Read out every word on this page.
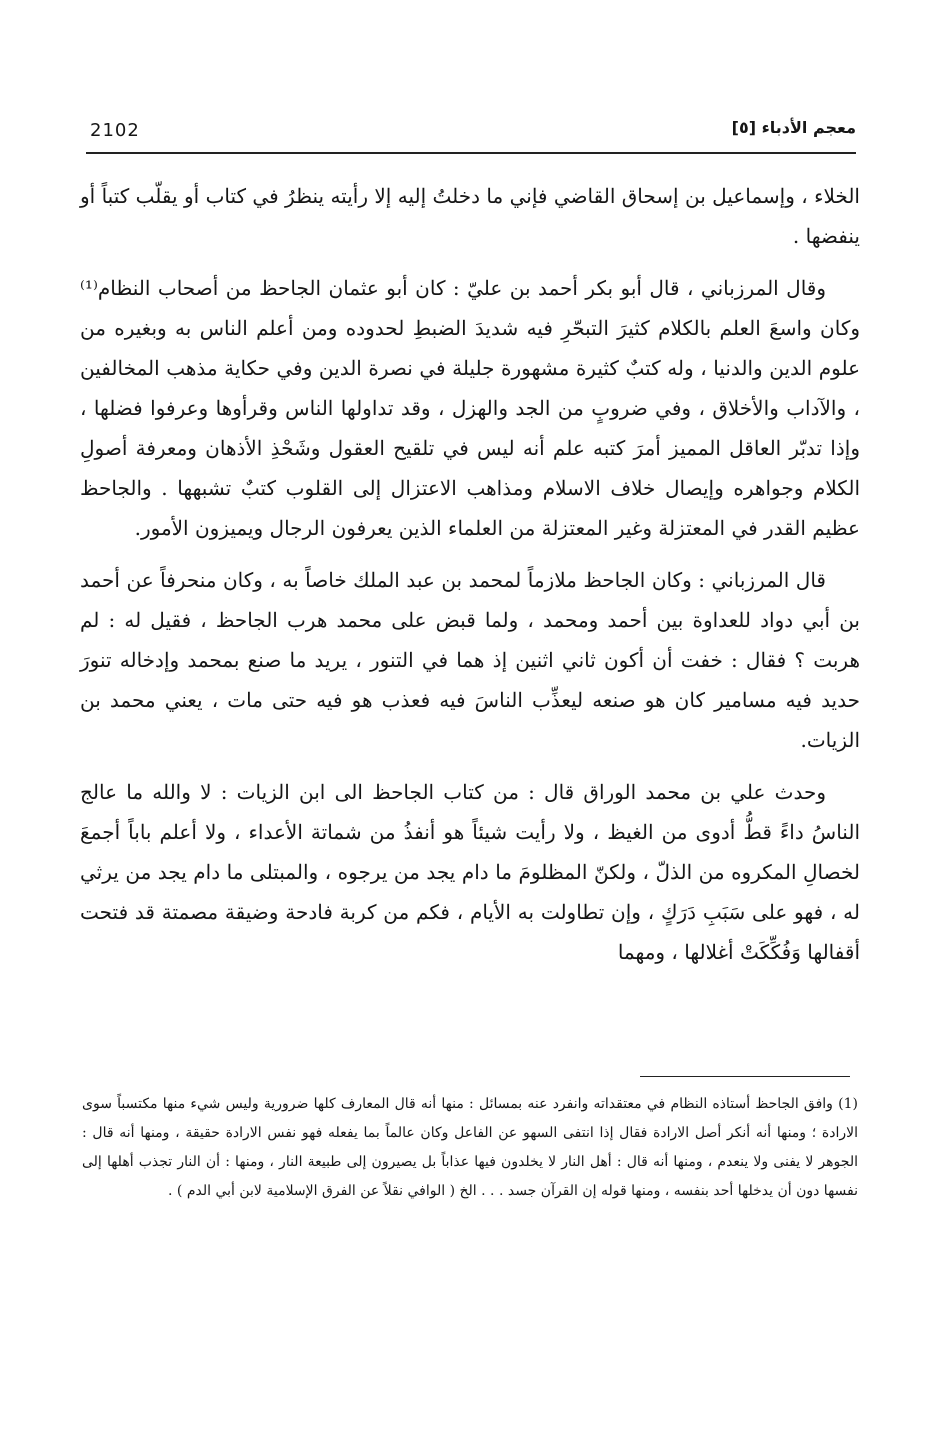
2102	معجم الأدباء [٥]

الخلاء ، وإسماعيل بن إسحاق القاضي فإني ما دخلتُ إليه إلا رأيته ينظرُ في كتاب أو يقلّب كتباً أو ينفضها .

وقال المرزباني ، قال أبو بكر أحمد بن عليّ : كان أبو عثمان الجاحظ من أصحاب النظام⁽¹⁾ وكان واسعَ العلم بالكلام كثيرَ التبحّرِ فيه شديدَ الضبطِ لحدوده ومن أعلم الناس به وبغيره من علوم الدين والدنيا ، وله كتبٌ كثيرة مشهورة جليلة في نصرة الدين وفي حكاية مذهب المخالفين ، والآداب والأخلاق ، وفي ضروبٍ من الجد والهزل ، وقد تداولها الناس وقرأوها وعرفوا فضلها ، وإذا تدبّر العاقل المميز أمرَ كتبه علم أنه ليس في تلقيح العقول وشَحْذِ الأذهان ومعرفة أصولِ الكلام وجواهره وإيصال خلاف الاسلام ومذاهب الاعتزال إلى القلوب كتبٌ تشبهها . والجاحظ عظيم القدر في المعتزلة وغير المعتزلة من العلماء الذين يعرفون الرجال ويميزون الأمور.

قال المرزباني : وكان الجاحظ ملازماً لمحمد بن عبد الملك خاصاً به ، وكان منحرفاً عن أحمد بن أبي دواد للعداوة بين أحمد ومحمد ، ولما قبض على محمد هرب الجاحظ ، فقيل له : لم هربت ؟ فقال : خفت أن أكون ثاني اثنين إذ هما في التنور ، يريد ما صنع بمحمد وإدخاله تنورَ حديد فيه مسامير كان هو صنعه ليعذِّب الناسَ فيه فعذب هو فيه حتى مات ، يعني محمد بن الزيات.

وحدث علي بن محمد الوراق قال : من كتاب الجاحظ الى ابن الزيات : لا والله ما عالج الناسُ داءً قطُّ أدوى من الغيظ ، ولا رأيت شيئاً هو أنفذُ من شماتة الأعداء ، ولا أعلم باباً أجمعَ لخصالِ المكروه من الذلّ ، ولكنّ المظلومَ ما دام يجد من يرجوه ، والمبتلى ما دام يجد من يرثي له ، فهو على سَبَبِ دَرَكٍ ، وإن تطاولت به الأيام ، فكم من كربة فادحة وضيقة مصمتة قد فتحت أقفالها وَفُكِّكَتْ أغلالها ، ومهما

(1) وافق الجاحظ أستاذه النظام في معتقداته وانفرد عنه بمسائل : منها أنه قال المعارف كلها ضرورية وليس شيء منها مكتسباً سوى الارادة ؛ ومنها أنه أنكر أصل الارادة فقال إذا انتفى السهو عن الفاعل وكان عالماً بما يفعله فهو نفس الارادة حقيقة ، ومنها أنه قال : الجوهر لا يفنى ولا ينعدم ، ومنها أنه قال : أهل النار لا يخلدون فيها عذاباً بل يصيرون إلى طبيعة النار ، ومنها : أن النار تجذب أهلها إلى نفسها دون أن يدخلها أحد بنفسه ، ومنها قوله إن القرآن جسد . . . الخ ( الوافي نقلاً عن الفرق الإسلامية لابن أبي الدم ) .
